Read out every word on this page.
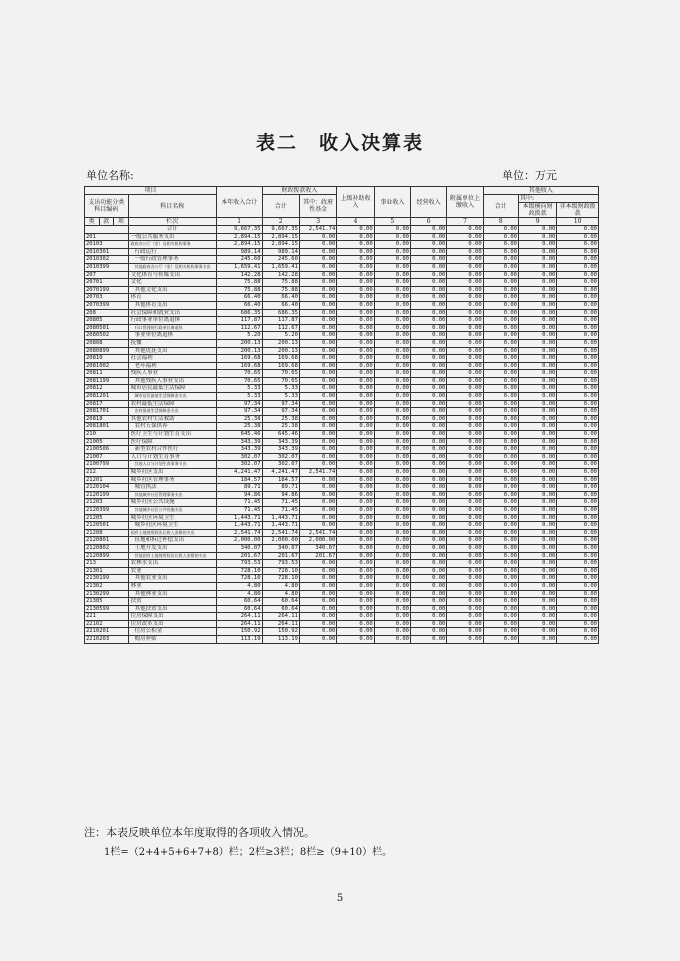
表二　收入决算表
单位名称:	单位：万元
项目				本年收入合计	财政拨款收入		上级补助收入	事业收入	经营收入	附属单位上缴收入	其他收入		
支出功能分类科目编码			科目名称		合计	其中：政府性基金					合计	其中:	
												本级横向财政拨款	非本级财政拨款
类	款	项	栏次	1	2	3	4	5	6	7	8	9	10
			合计	9,667.35	9,667.35	2,541.74	0.00	0.00	0.00	0.00	0.00	0.00	0.00
201			一般公共服务支出	2,894.15	2,894.15	0.00	0.00	0.00	0.00	0.00	0.00	0.00	0.00
20103			政府办公厅（室）及相关机构事务	2,894.15	2,894.15	0.00	0.00	0.00	0.00	0.00	0.00	0.00	0.00
2010301			行政运行	989.14	989.14	0.00	0.00	0.00	0.00	0.00	0.00	0.00	0.00
2010302			一般行政管理事务	245.60	245.60	0.00	0.00	0.00	0.00	0.00	0.00	0.00	0.00
2010399			其他政府办公厅（室）及相关机构事务支出	1,659.41	1,659.41	0.00	0.00	0.00	0.00	0.00	0.00	0.00	0.00
207			文化体育与传媒支出	142.28	142.28	0.00	0.00	0.00	0.00	0.00	0.00	0.00	0.00
20701			文化	75.88	75.88	0.00	0.00	0.00	0.00	0.00	0.00	0.00	0.00
2070199			其他文化支出	75.88	75.88	0.00	0.00	0.00	0.00	0.00	0.00	0.00	0.00
20703			体育	66.40	66.40	0.00	0.00	0.00	0.00	0.00	0.00	0.00	0.00
2070399			其他体育支出	66.40	66.40	0.00	0.00	0.00	0.00	0.00	0.00	0.00	0.00
208			社会保障和就业支出	686.35	686.35	0.00	0.00	0.00	0.00	0.00	0.00	0.00	0.00
20805			行政事业单位离退休	117.87	117.87	0.00	0.00	0.00	0.00	0.00	0.00	0.00	0.00
2080501			归口管理的行政单位离退休	112.67	112.67	0.00	0.00	0.00	0.00	0.00	0.00	0.00	0.00
2080502			事业单位离退休	5.20	5.20	0.00	0.00	0.00	0.00	0.00	0.00	0.00	0.00
20808			抚恤	200.13	200.13	0.00	0.00	0.00	0.00	0.00	0.00	0.00	0.00
2080899			其他优抚支出	200.13	200.13	0.00	0.00	0.00	0.00	0.00	0.00	0.00	0.00
20810			社会福利	169.68	169.68	0.00	0.00	0.00	0.00	0.00	0.00	0.00	0.00
2081002			老年福利	169.68	169.68	0.00	0.00	0.00	0.00	0.00	0.00	0.00	0.00
20811			残疾人事业	70.65	70.65	0.00	0.00	0.00	0.00	0.00	0.00	0.00	0.00
2081199			其他残疾人事业支出	70.65	70.65	0.00	0.00	0.00	0.00	0.00	0.00	0.00	0.00
20812			城市居民最低生活保障	5.33	5.33	0.00	0.00	0.00	0.00	0.00	0.00	0.00	0.00
2081201			城市居民最低生活保障金支出	5.33	5.33	0.00	0.00	0.00	0.00	0.00	0.00	0.00	0.00
20817			农村最低生活保障	97.34	97.34	0.00	0.00	0.00	0.00	0.00	0.00	0.00	0.00
2081701			农村最低生活保障金支出	97.34	97.34	0.00	0.00	0.00	0.00	0.00	0.00	0.00	0.00
20818			其他农村生活救助	25.38	25.38	0.00	0.00	0.00	0.00	0.00	0.00	0.00	0.00
2081801			农村五保供养	25.38	25.38	0.00	0.00	0.00	0.00	0.00	0.00	0.00	0.00
210			医疗卫生与计划生育支出	645.46	645.46	0.00	0.00	0.00	0.00	0.00	0.00	0.00	0.00
21005			医疗保障	343.39	343.39	0.00	0.00	0.00	0.00	0.00	0.00	0.00	0.00
2100506			新型农村合作医疗	343.39	343.39	0.00	0.00	0.00	0.00	0.00	0.00	0.00	0.00
21007			人口与计划生育事务	302.07	302.07	0.00	0.00	0.00	0.00	0.00	0.00	0.00	0.00
2100799			其他人口与计划生育事务支出	302.07	302.07	0.00	0.00	0.00	0.00	0.00	0.00	0.00	0.00
212			城乡社区支出	4,241.47	4,241.47	2,541.74	0.00	0.00	0.00	0.00	0.00	0.00	0.00
21201			城乡社区管理事务	184.57	184.57	0.00	0.00	0.00	0.00	0.00	0.00	0.00	0.00
2120104			城管执法	89.71	89.71	0.00	0.00	0.00	0.00	0.00	0.00	0.00	0.00
2120199			其他城乡社区管理事务支出	94.86	94.86	0.00	0.00	0.00	0.00	0.00	0.00	0.00	0.00
21203			城乡社区公共设施	71.45	71.45	0.00	0.00	0.00	0.00	0.00	0.00	0.00	0.00
2120399			其他城乡社区公共设施支出	71.45	71.45	0.00	0.00	0.00	0.00	0.00	0.00	0.00	0.00
21205			城乡社区环境卫生	1,443.71	1,443.71	0.00	0.00	0.00	0.00	0.00	0.00	0.00	0.00
2120501			城乡社区环境卫生	1,443.71	1,443.71	0.00	0.00	0.00	0.00	0.00	0.00	0.00	0.00
21208			国有土地使用权出让收入安排的支出	2,541.74	2,541.74	2,541.74	0.00	0.00	0.00	0.00	0.00	0.00	0.00
2120801			征地和拆迁补偿支出	2,000.00	2,000.00	2,000.00	0.00	0.00	0.00	0.00	0.00	0.00	0.00
2120802			土地开发支出	340.07	340.07	340.07	0.00	0.00	0.00	0.00	0.00	0.00	0.00
2120899			其他国有土地使用权出让收入安排的支出	201.67	201.67	201.67	0.00	0.00	0.00	0.00	0.00	0.00	0.00
213			农林水支出	793.53	793.53	0.00	0.00	0.00	0.00	0.00	0.00	0.00	0.00
21301			农业	728.10	728.10	0.00	0.00	0.00	0.00	0.00	0.00	0.00	0.00
2130199			其他农业支出	728.10	728.10	0.00	0.00	0.00	0.00	0.00	0.00	0.00	0.00
21302			林业	4.80	4.80	0.00	0.00	0.00	0.00	0.00	0.00	0.00	0.00
2130299			其他林业支出	4.80	4.80	0.00	0.00	0.00	0.00	0.00	0.00	0.00	0.00
21305			扶贫	60.64	60.64	0.00	0.00	0.00	0.00	0.00	0.00	0.00	0.00
2130599			其他扶贫支出	60.64	60.64	0.00	0.00	0.00	0.00	0.00	0.00	0.00	0.00
221			住房保障支出	264.11	264.11	0.00	0.00	0.00	0.00	0.00	0.00	0.00	0.00
22102			住房改革支出	264.11	264.11	0.00	0.00	0.00	0.00	0.00	0.00	0.00	0.00
2210201			住房公积金	150.92	150.92	0.00	0.00	0.00	0.00	0.00	0.00	0.00	0.00
2210203			购房补贴	113.19	113.19	0.00	0.00	0.00	0.00	0.00	0.00	0.00	0.00
注：本表反映单位本年度取得的各项收入情况。
1栏=（2+4+5+6+7+8）栏；2栏≥3栏；8栏≥（9+10）栏。
5
